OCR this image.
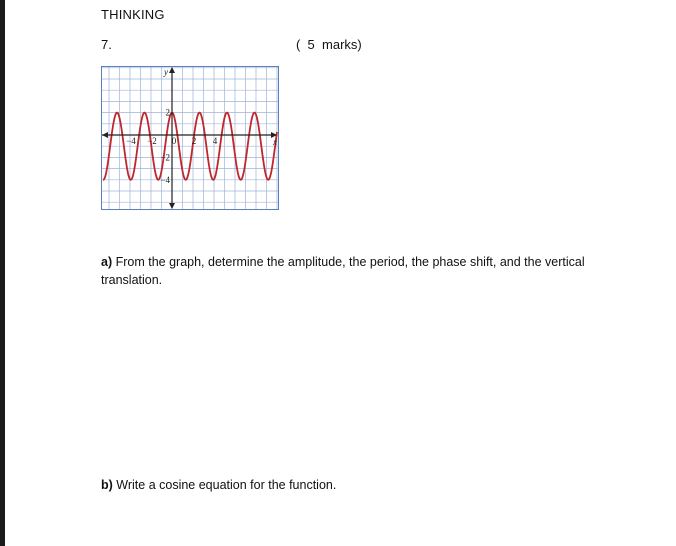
THINKING
7.	(  5  marks)
−4 −2 0 2 4
2
−2
−4
x
y
a) From the graph, determine the amplitude, the period, the phase shift, and the vertical translation.
b) Write a cosine equation for the function.
